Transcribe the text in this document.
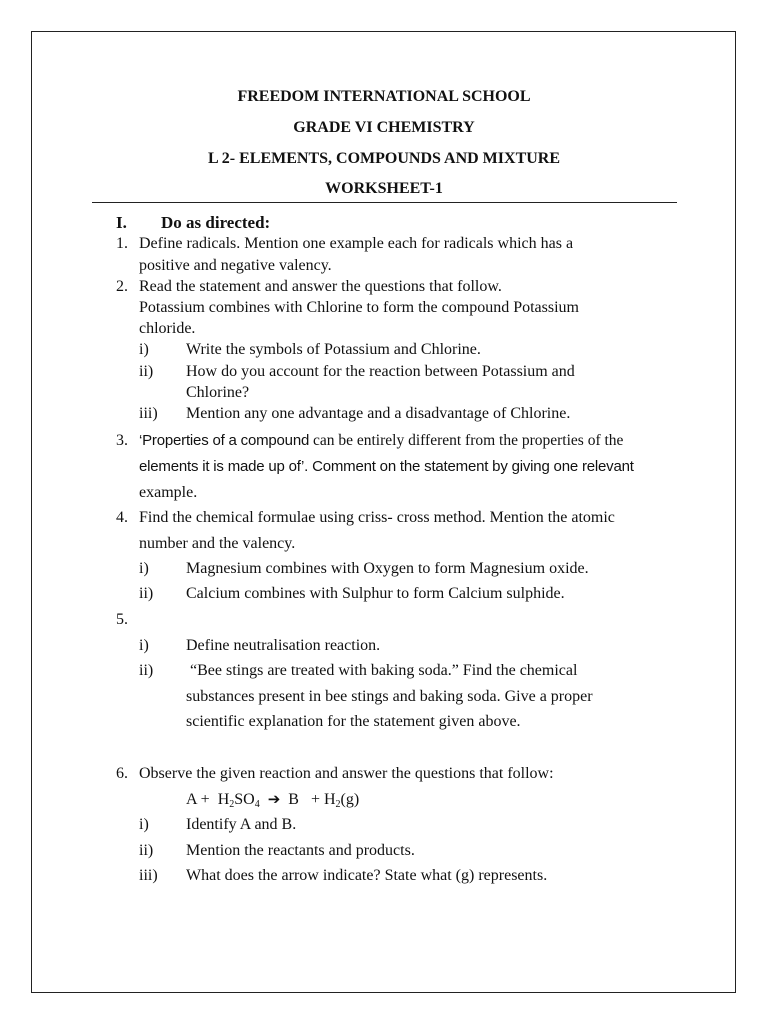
FREEDOM INTERNATIONAL SCHOOL
GRADE VI CHEMISTRY
L 2- ELEMENTS, COMPOUNDS AND MIXTURE
WORKSHEET-1
I. Do as directed:
1. Define radicals. Mention one example each for radicals which has a
positive and negative valency.
2. Read the statement and answer the questions that follow.
Potassium combines with Chlorine to form the compound Potassium
chloride.
i) Write the symbols of Potassium and Chlorine.
ii) How do you account for the reaction between Potassium and
Chlorine?
iii) Mention any one advantage and a disadvantage of Chlorine.
3. ‘Properties of a compound can be entirely different from the properties of the
elements it is made up of’. Comment on the statement by giving one relevant
example.
4. Find the chemical formulae using criss- cross method. Mention the atomic
number and the valency.
i) Magnesium combines with Oxygen to form Magnesium oxide.
ii) Calcium combines with Sulphur to form Calcium sulphide.
5.
i) Define neutralisation reaction.
ii) “Bee stings are treated with baking soda.” Find the chemical
substances present in bee stings and baking soda. Give a proper
scientific explanation for the statement given above.
6. Observe the given reaction and answer the questions that follow:
$A + H_2SO_4$ ➔ $B + H_2(g)$
i) Identify A and B.
ii) Mention the reactants and products.
iii) What does the arrow indicate? State what (g) represents.
